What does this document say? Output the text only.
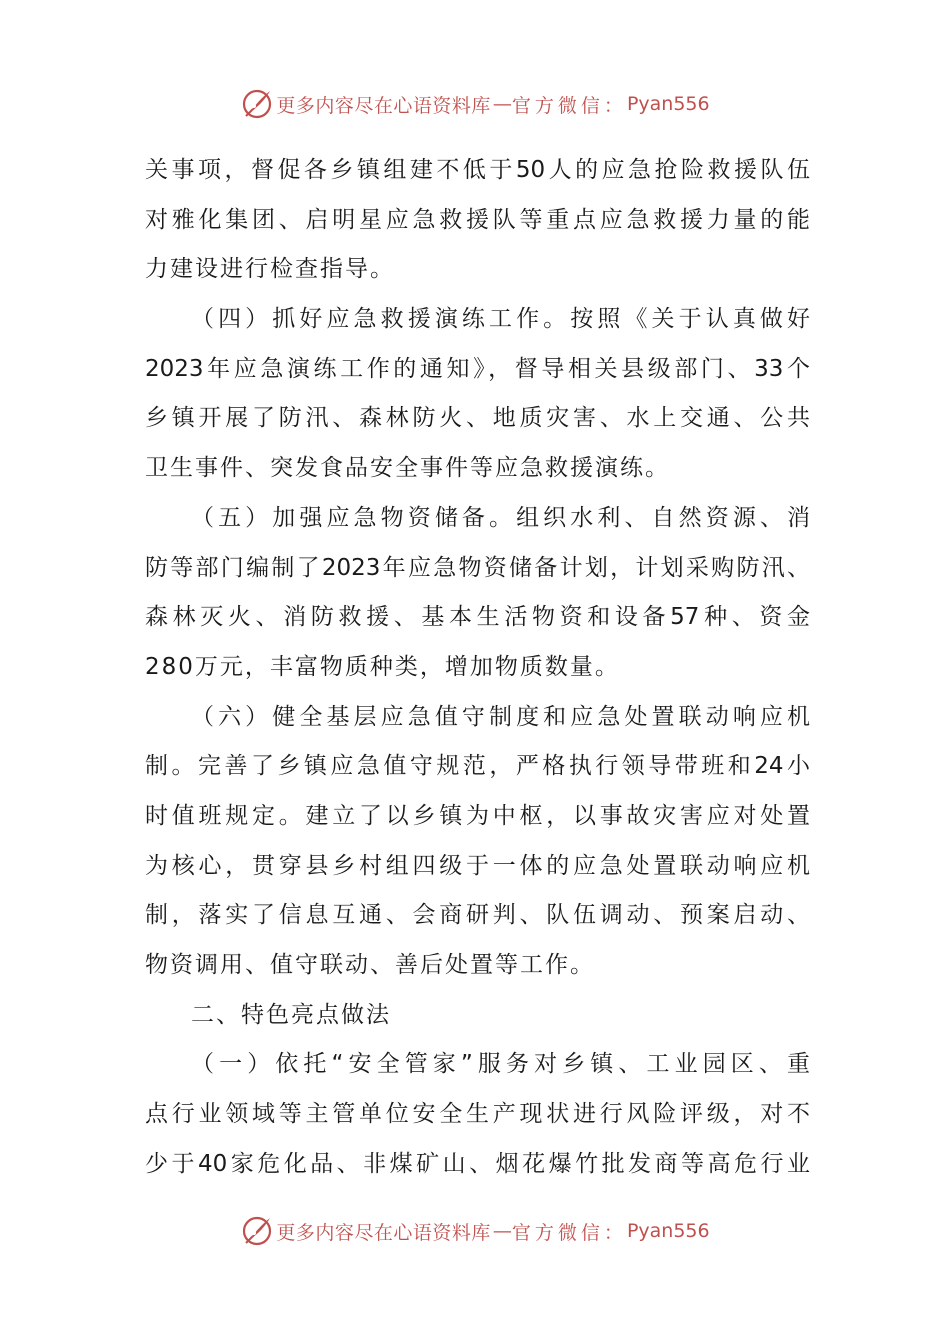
更多内容尽在心语资料库 — 官方微信： Pyan556
关事项，督促各乡镇组建不低于50人的应急抢险救援队伍
对雅化集团、启明星应急救援队等重点应急救援力量的能
力建设进行检查指导。
（四）抓好应急救援演练工作。按照《关于认真做好
2023年应急演练工作的通知》，督导相关县级部门、33个
乡镇开展了防汛、森林防火、地质灾害、水上交通、公共
卫生事件、突发食品安全事件等应急救援演练。
（五）加强应急物资储备。组织水利、自然资源、消
防等部门编制了2023年应急物资储备计划，计划采购防汛、
森林灭火、消防救援、基本生活物资和设备57种、资金
280万元，丰富物质种类，增加物质数量。
（六）健全基层应急值守制度和应急处置联动响应机
制。完善了乡镇应急值守规范，严格执行领导带班和24小
时值班规定。建立了以乡镇为中枢，以事故灾害应对处置
为核心，贯穿县乡村组四级于一体的应急处置联动响应机
制，落实了信息互通、会商研判、队伍调动、预案启动、
物资调用、值守联动、善后处置等工作。
二、特色亮点做法
（一）依托“安全管家”服务对乡镇、工业园区、重
点行业领域等主管单位安全生产现状进行风险评级，对不
少于40家危化品、非煤矿山、烟花爆竹批发商等高危行业
更多内容尽在心语资料库 — 官方微信： Pyan556
